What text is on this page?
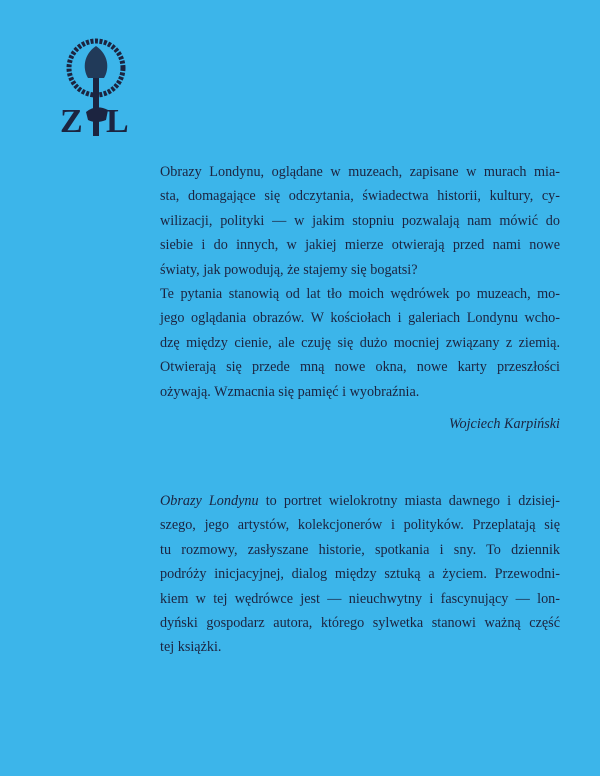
Z L
Obrazy Londynu, oglądane w muzeach, zapisane w murach mia-
sta, domagające się odczytania, świadectwa historii, kultury, cy-
wilizacji, polityki — w jakim stopniu pozwalają nam mówić do
siebie i do innych, w jakiej mierze otwierają przed nami nowe
światy, jak powodują, że stajemy się bogatsi?
Te pytania stanowią od lat tło moich wędrówek po muzeach, mo-
jego oglądania obrazów. W kościołach i galeriach Londynu wcho-
dzę między cienie, ale czuję się dużo mocniej związany z ziemią.
Otwierają się przede mną nowe okna, nowe karty przeszłości
ożywają. Wzmacnia się pamięć i wyobraźnia.
Wojciech Karpiński
Obrazy Londynu to portret wielokrotny miasta dawnego i dzisiej-
szego, jego artystów, kolekcjonerów i polityków. Przeplatają się
tu rozmowy, zasłyszane historie, spotkania i sny. To dziennik
podróży inicjacyjnej, dialog między sztuką a życiem. Przewodni-
kiem w tej wędrówce jest — nieuchwytny i fascynujący — lon-
dyński gospodarz autora, którego sylwetka stanowi ważną część
tej książki.
